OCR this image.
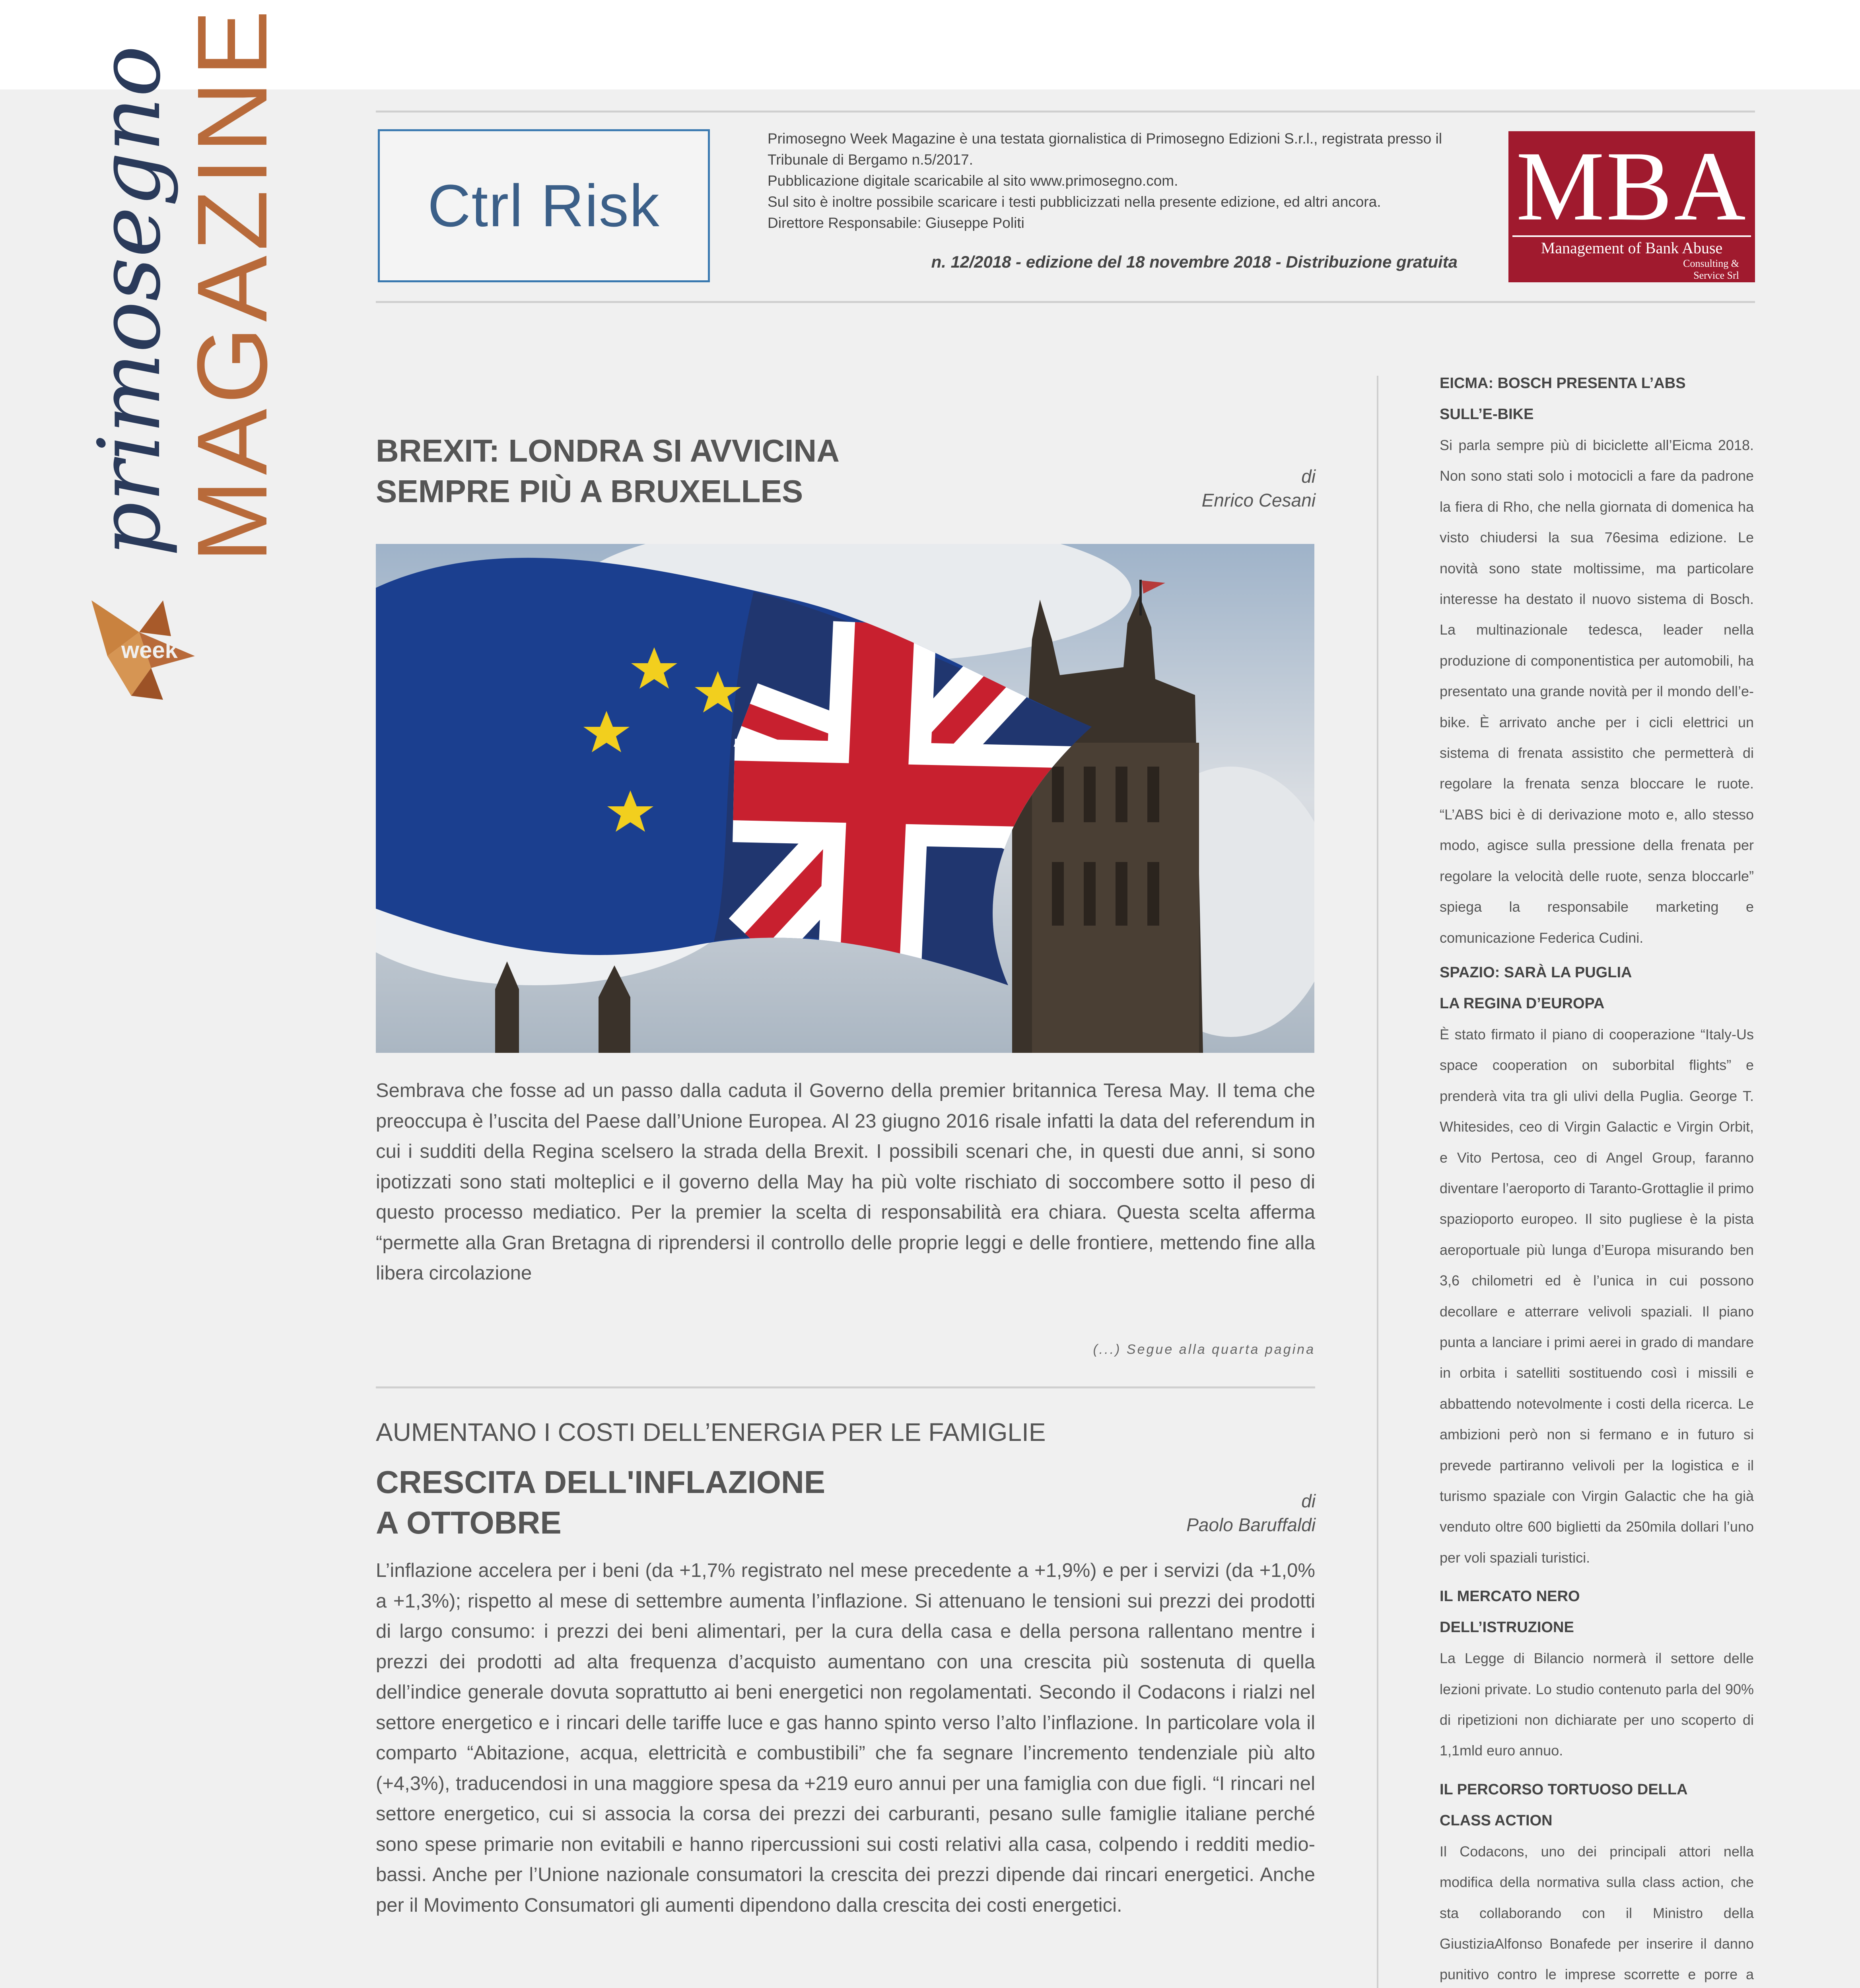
MAGAZINE
primosegno
week
Ctrl Risk

Primosegno Week Magazine è una testata giornalistica di Primosegno Edizioni S.r.l., registrata presso il Tribunale di Bergamo n.5/2017.

Pubblicazione digitale scaricabile al sito www.primosegno.com.

Sul sito è inoltre possibile scaricare i testi pubblicizzati nella presente edizione, ed altri ancora.

Direttore Responsabile: Giuseppe Politi

n. 12/2018 - edizione del 18 novembre 2018 - Distribuzione gratuita
MBA
Management of Bank Abuse
Consulting &
Service Srl
BREXIT: LONDRA SI AVVICINA
SEMPRE PIÙ A BRUXELLES	di
Enrico Cesani

Sembrava che fosse ad un passo dalla caduta il Governo della premier britannica Teresa May. Il tema che preoccupa è l’uscita del Paese dall’Unione Europea. Al 23 giugno 2016 risale infatti la data del referendum in cui i sudditi della Regina scelsero la strada della Brexit. I possibili scenari che, in questi due anni, si sono ipotizzati sono stati molteplici e il governo della May ha più volte rischiato di soccombere sotto il peso di questo processo mediatico. Per la premier la scelta di responsabilità era chiara. Questa scelta afferma “permette alla Gran Bretagna di riprendersi il controllo delle proprie leggi e delle frontiere, mettendo fine alla libera circolazione

(...) Segue alla quarta pagina
AUMENTANO I COSTI DELL’ENERGIA PER LE FAMIGLIE
CRESCITA DELL'INFLAZIONE
A OTTOBRE
di
Paolo Baruffaldi

L’inflazione accelera per i beni (da +1,7% registrato nel mese precedente a +1,9%) e per i servizi (da +1,0% a +1,3%); rispetto al mese di settembre aumenta l’inflazione. Si attenuano le tensioni sui prezzi dei prodotti di largo consumo: i prezzi dei beni alimentari, per la cura della casa e della persona rallentano mentre i prezzi dei prodotti ad alta frequenza d’acquisto aumentano con una crescita più sostenuta di quella dell’indice generale dovuta soprattutto ai beni energetici non regolamentati. Secondo il Codacons i rialzi nel settore energetico e i rincari delle tariffe luce e gas hanno spinto verso l’alto l’inflazione. In particolare vola il comparto “Abitazione, acqua, elettricità e combustibili” che fa segnare l’incremento tendenziale più alto (+4,3%), traducendosi in una maggiore spesa da +219 euro annui per una famiglia con due figli. “I rincari nel settore energetico, cui si associa la corsa dei prezzi dei carburanti, pesano sulle famiglie italiane perché sono spese primarie non evitabili e hanno ripercussioni sui costi relativi alla casa, colpendo i redditi medio-bassi. Anche per l’Unione nazionale consumatori la crescita dei prezzi dipende dai rincari energetici. Anche per il Movimento Consumatori gli aumenti dipendono dalla crescita dei costi energetici.

EICMA: BOSCH PRESENTA L’ABS
SULL’E-BIKE

Si parla sempre più di biciclette all’Eicma 2018. Non sono stati solo i motocicli a fare da padrone la fiera di Rho, che nella giornata di domenica ha visto chiudersi la sua 76esima edizione. Le novità sono state moltissime, ma particolare interesse ha destato il nuovo sistema di Bosch. La multinazionale tedesca, leader nella produzione di componentistica per automobili, ha presentato una grande novità per il mondo dell’e-bike. È arrivato anche per i cicli elettrici un sistema di frenata assistito che permetterà di regolare la frenata senza bloccare le ruote. “L’ABS bici è di derivazione moto e, allo stesso modo, agisce sulla pressione della frenata per regolare la velocità delle ruote, senza bloccarle” spiega la responsabile marketing e comunicazione Federica Cudini.

SPAZIO: SARÀ LA PUGLIA
LA REGINA D’EUROPA

È stato firmato il piano di cooperazione “Italy-Us space cooperation on suborbital flights” e prenderà vita tra gli ulivi della Puglia. George T. Whitesides, ceo di Virgin Galactic e Virgin Orbit, e Vito Pertosa, ceo di Angel Group, faranno diventare l’aeroporto di Taranto-Grottaglie il primo spazioporto europeo. Il sito pugliese è la pista aeroportuale più lunga d’Europa misurando ben 3,6 chilometri ed è l’unica in cui possono decollare e atterrare velivoli spaziali. Il piano punta a lanciare i primi aerei in grado di mandare in orbita i satelliti sostituendo così i missili e abbattendo notevolmente i costi della ricerca. Le ambizioni però non si fermano e in futuro si prevede partiranno velivoli per la logistica e il turismo spaziale con Virgin Galactic che ha già venduto oltre 600 biglietti da 250mila dollari l’uno per voli spaziali turistici.

IL MERCATO NERO
DELL’ISTRUZIONE

La Legge di Bilancio normerà il settore delle lezioni private. Lo studio contenuto parla del 90% di ripetizioni non dichiarate per uno scoperto di 1,1mld euro annuo.

IL PERCORSO TORTUOSO DELLA
CLASS ACTION

Il Codacons, uno dei principali attori nella modifica della normativa sulla class action, che sta collaborando con il Ministro della GiustiziaAlfonso Bonafede per inserire il danno punitivo contro le imprese scorrette e porre a
